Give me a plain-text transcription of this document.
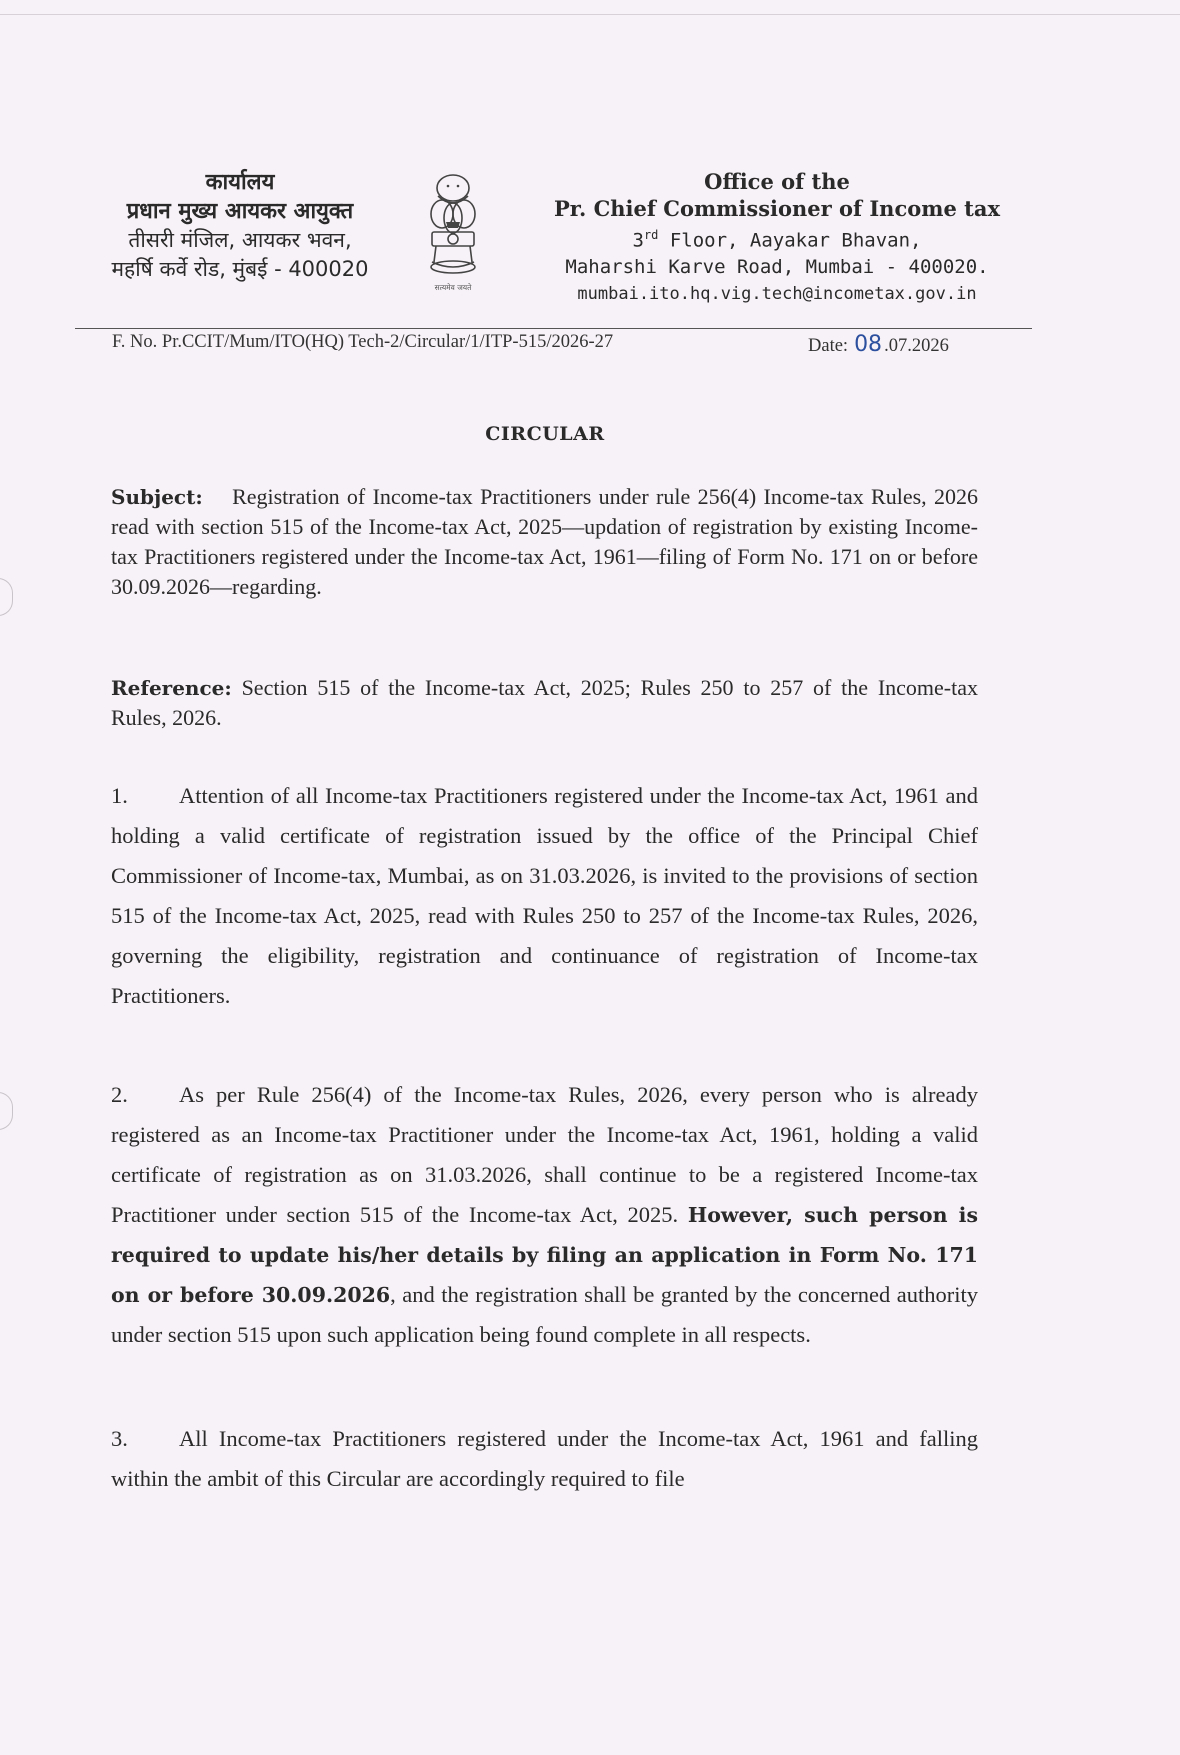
कार्यालय
प्रधान मुख्य आयकर आयुक्त
तीसरी मंजिल, आयकर भवन,
महर्षि कर्वे रोड, मुंबई - 400020
सत्यमेव जयते
Office of the
Pr. Chief Commissioner of Income tax
3rd Floor, Aayakar Bhavan,
Maharshi Karve Road, Mumbai - 400020.
mumbai.ito.hq.vig.tech@incometax.gov.in
F. No. Pr.CCIT/Mum/ITO(HQ) Tech-2/Circular/1/ITP-515/2026-27	Date: 08 .07.2026
CIRCULAR
Subject: Registration of Income-tax Practitioners under rule 256(4) Income-tax Rules, 2026 read with section 515 of the Income-tax Act, 2025—updation of registration by existing Income-tax Practitioners registered under the Income-tax Act, 1961—filing of Form No. 171 on or before 30.09.2026—regarding.
Reference: Section 515 of the Income-tax Act, 2025; Rules 250 to 257 of the Income-tax Rules, 2026.
1. Attention of all Income-tax Practitioners registered under the Income-tax Act, 1961 and holding a valid certificate of registration issued by the office of the Principal Chief Commissioner of Income-tax, Mumbai, as on 31.03.2026, is invited to the provisions of section 515 of the Income-tax Act, 2025, read with Rules 250 to 257 of the Income-tax Rules, 2026, governing the eligibility, registration and continuance of registration of Income-tax Practitioners.
2. As per Rule 256(4) of the Income-tax Rules, 2026, every person who is already registered as an Income-tax Practitioner under the Income-tax Act, 1961, holding a valid certificate of registration as on 31.03.2026, shall continue to be a registered Income-tax Practitioner under section 515 of the Income-tax Act, 2025. However, such person is required to update his/her details by filing an application in Form No. 171 on or before 30.09.2026, and the registration shall be granted by the concerned authority under section 515 upon such application being found complete in all respects.
3. All Income-tax Practitioners registered under the Income-tax Act, 1961 and falling within the ambit of this Circular are accordingly required to file
